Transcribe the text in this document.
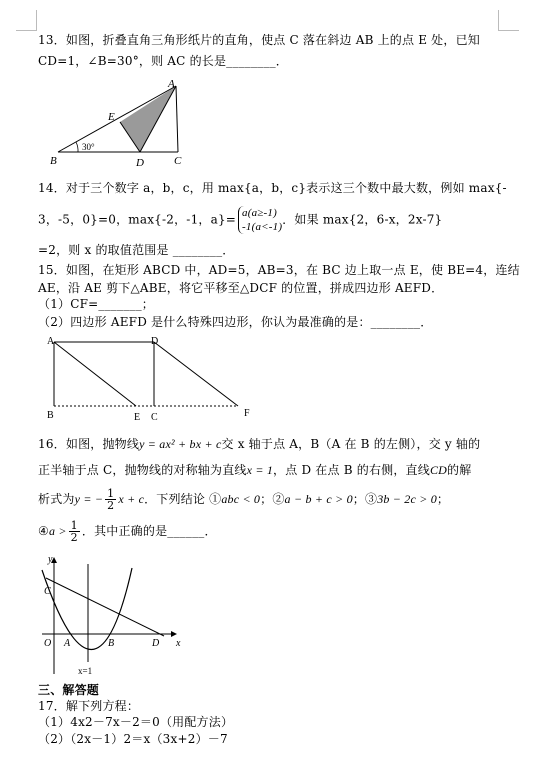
13．如图，折叠直角三角形纸片的直角，使点 C 落在斜边 AB 上的点 E 处，已知
CD=1，∠B=30°，则 AC 的长是________．
A
E
B	D	C
30°
14．对于三个数字 a，b，c，用 max{a，b，c}表示这三个数中最大数，例如 max{-
3，-5，0}=0，max{-2，-1，a}= a(a≥-1)
-1(a<-1)
．如果 max{2，6-x，2x-7}
=2，则 x 的取值范围是 ________．
15．如图，在矩形 ABCD 中，AD=5，AB=3，在 BC 边上取一点 E，使 BE=4，连结
AE，沿 AE 剪下△ABE，将它平移至△DCF 的位置，拼成四边形 AEFD．
（1）CF=_______；
（2）四边形 AEFD 是什么特殊四边形，你认为最准确的是：________．
A	D
B	E C	F
16．如图，抛物线y = ax² + bx + c交 x 轴于点 A，B（A 在 B 的左侧），交 y 轴的
正半轴于点 C，抛物线的对称轴为直线x = 1，点 D 在点 B 的右侧，直线CD的解
析式为y = − $\frac{1}{2}$ x + c．下列结论 ①abc < 0；②a − b + c > 0；③3b − 2c > 0；
④a > $\frac{1}{2}$ ．其中正确的是______．
y
x
C
O A	B	D
x=1
三、解答题
17．解下列方程：
（1）4x2－7x－2＝0（用配方法）
（2）（2x－1）2＝x（3x+2）－7
